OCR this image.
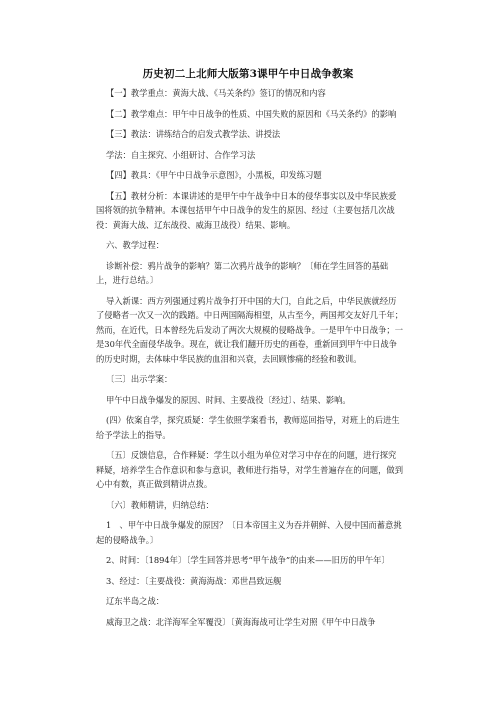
历史初二上北师大版第3课甲午中日战争教案

【一】教学重点：黄海大战、《马关条约》签订的情况和内容

【二】教学难点：甲午中日战争的性质、中国失败的原因和《马关条约》的影响

【三】教法：讲练结合的启发式教学法、讲授法

学法：自主探究、小组研讨、合作学习法

【四】教具：《甲午中日战争示意图》，小黑板，印发练习题

【五】教材分析：本课讲述的是甲午中午战争中日本的侵华事实以及中华民族爱国将领的抗争精神。本课包括甲午中日战争的发生的原因、经过（主要包括几次战役：黄海大战、辽东战役、威海卫战役）结果、影响。

六、教学过程：

诊断补偿：鸦片战争的影响？第二次鸦片战争的影响？〔师在学生回答的基础上，进行总结。〕

导入新课：西方列强通过鸦片战争打开中国的大门，自此之后，中华民族就经历了侵略者一次又一次的践踏。中日两国隔海相望，从古至今，两国邦交友好几千年；然而，在近代，日本曾经先后发动了两次大规模的侵略战争。一是甲午中日战争；一是30年代全面侵华战争。现在，就让我们翻开历史的画卷，重新回到甲午中日战争的历史时期，去体味中华民族的血泪和兴衰，去回顾惨痛的经验和教训。

〔三〕出示学案：

甲午中日战争爆发的原因、时间、主要战役〔经过〕、结果、影响。

(四）依案自学，探究质疑：学生依照学案看书，教师巡回指导，对班上的后进生给予学法上的指导。

〔五〕反馈信息，合作释疑：学生以小组为单位对学习中存在的问题，进行探究释疑，培养学生合作意识和参与意识，教师进行指导，对学生普遍存在的问题，做到心中有数，真正做到精讲点拨。

〔六〕教师精讲，归纳总结：

1　、甲午中日战争爆发的原因？〔日本帝国主义为吞并朝鲜、入侵中国而蓄意挑起的侵略战争。〕

2、时间：〔1894年〕〔学生回答并思考“甲午战争”的由来——旧历的甲午年〕

3、经过：〔主要战役：黄海海战：邓世昌致远舰

辽东半岛之战：

威海卫之战：北洋海军全军覆没〕〔黄海海战可让学生对照《甲午中日战争
